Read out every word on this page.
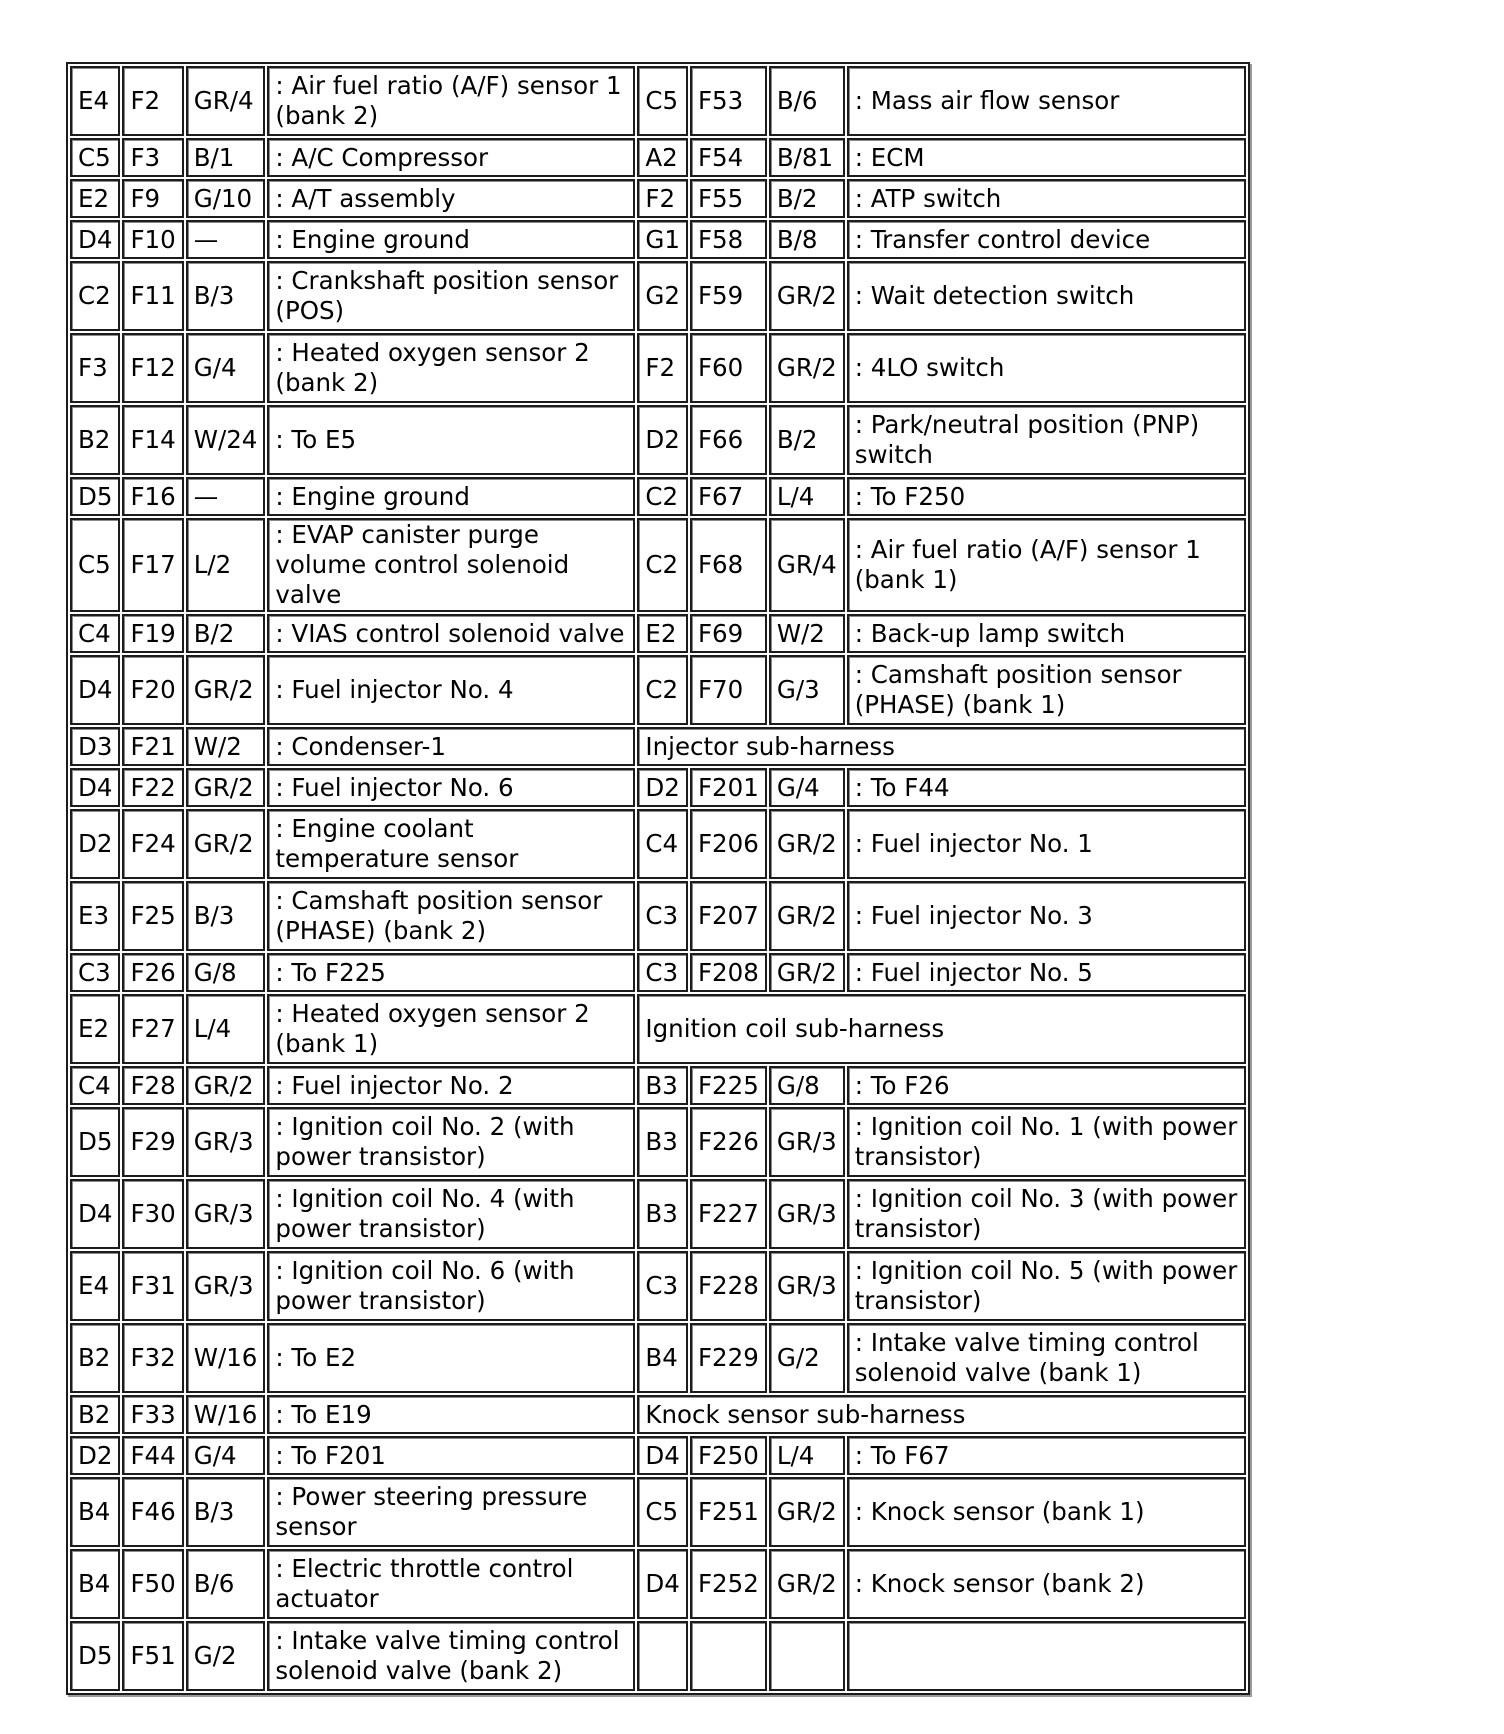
E4	F2	GR/4	: Air fuel ratio (A/F) sensor 1 (bank 2)	C5	F53	B/6	: Mass air flow sensor
C5	F3	B/1	: A/C Compressor	A2	F54	B/81	: ECM
E2	F9	G/10	: A/T assembly	F2	F55	B/2	: ATP switch
D4	F10	—	: Engine ground	G1	F58	B/8	: Transfer control device
C2	F11	B/3	: Crankshaft position sensor (POS)	G2	F59	GR/2	: Wait detection switch
F3	F12	G/4	: Heated oxygen sensor 2 (bank 2)	F2	F60	GR/2	: 4LO switch
B2	F14	W/24	: To E5	D2	F66	B/2	: Park/neutral position (PNP) switch
D5	F16	—	: Engine ground	C2	F67	L/4	: To F250
C5	F17	L/2	: EVAP canister purge volume control solenoid valve	C2	F68	GR/4	: Air fuel ratio (A/F) sensor 1 (bank 1)
C4	F19	B/2	: VIAS control solenoid valve	E2	F69	W/2	: Back-up lamp switch
D4	F20	GR/2	: Fuel injector No. 4	C2	F70	G/3	: Camshaft position sensor (PHASE) (bank 1)
D3	F21	W/2	: Condenser-1	Injector sub-harness			
D4	F22	GR/2	: Fuel injector No. 6	D2	F201	G/4	: To F44
D2	F24	GR/2	: Engine coolant temperature sensor	C4	F206	GR/2	: Fuel injector No. 1
E3	F25	B/3	: Camshaft position sensor (PHASE) (bank 2)	C3	F207	GR/2	: Fuel injector No. 3
C3	F26	G/8	: To F225	C3	F208	GR/2	: Fuel injector No. 5
E2	F27	L/4	: Heated oxygen sensor 2 (bank 1)	Ignition coil sub-harness			
C4	F28	GR/2	: Fuel injector No. 2	B3	F225	G/8	: To F26
D5	F29	GR/3	: Ignition coil No. 2 (with power transistor)	B3	F226	GR/3	: Ignition coil No. 1 (with power transistor)
D4	F30	GR/3	: Ignition coil No. 4 (with power transistor)	B3	F227	GR/3	: Ignition coil No. 3 (with power transistor)
E4	F31	GR/3	: Ignition coil No. 6 (with power transistor)	C3	F228	GR/3	: Ignition coil No. 5 (with power transistor)
B2	F32	W/16	: To E2	B4	F229	G/2	: Intake valve timing control solenoid valve (bank 1)
B2	F33	W/16	: To E19	Knock sensor sub-harness			
D2	F44	G/4	: To F201	D4	F250	L/4	: To F67
B4	F46	B/3	: Power steering pressure sensor	C5	F251	GR/2	: Knock sensor (bank 1)
B4	F50	B/6	: Electric throttle control actuator	D4	F252	GR/2	: Knock sensor (bank 2)
D5	F51	G/2	: Intake valve timing control solenoid valve (bank 2)				
